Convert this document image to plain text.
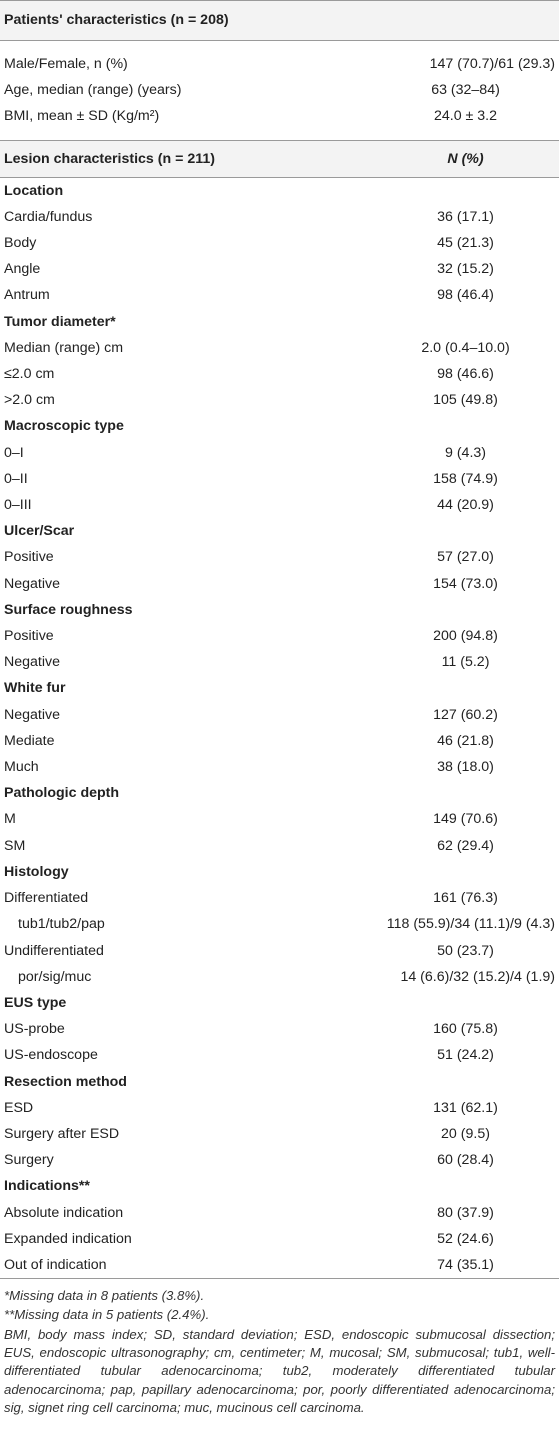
Patients' characteristics (n = 208)	

Male/Female, n (%)	147 (70.7)/61 (29.3)
Age, median (range) (years)	63 (32–84)
BMI, mean ± SD (Kg/m²)	24.0 ± 3.2

Lesion characteristics (n = 211)	N (%)
Location	
Cardia/fundus	36 (17.1)
Body	45 (21.3)
Angle	32 (15.2)
Antrum	98 (46.4)
Tumor diameter*	
Median (range) cm	2.0 (0.4–10.0)
≤2.0 cm	98 (46.6)
>2.0 cm	105 (49.8)
Macroscopic type	
0–I	9 (4.3)
0–II	158 (74.9)
0–III	44 (20.9)
Ulcer/Scar	
Positive	57 (27.0)
Negative	154 (73.0)
Surface roughness	
Positive	200 (94.8)
Negative	11 (5.2)
White fur	
Negative	127 (60.2)
Mediate	46 (21.8)
Much	38 (18.0)
Pathologic depth	
M	149 (70.6)
SM	62 (29.4)
Histology	
Differentiated	161 (76.3)
tub1/tub2/pap	118 (55.9)/34 (11.1)/9 (4.3)
Undifferentiated	50 (23.7)
por/sig/muc	14 (6.6)/32 (15.2)/4 (1.9)
EUS type	
US-probe	160 (75.8)
US-endoscope	51 (24.2)
Resection method	
ESD	131 (62.1)
Surgery after ESD	20 (9.5)
Surgery	60 (28.4)
Indications**	
Absolute indication	80 (37.9)
Expanded indication	52 (24.6)
Out of indication	74 (35.1)

*Missing data in 8 patients (3.8%).

**Missing data in 5 patients (2.4%).

BMI, body mass index; SD, standard deviation; ESD, endoscopic submucosal dissection; EUS, endoscopic ultrasonography; cm, centimeter; M, mucosal; SM, submucosal; tub1, well-differentiated tubular adenocarcinoma; tub2, moderately differentiated tubular adenocarcinoma; pap, papillary adenocarcinoma; por, poorly differentiated adenocarcinoma; sig, signet ring cell carcinoma; muc, mucinous cell carcinoma.
